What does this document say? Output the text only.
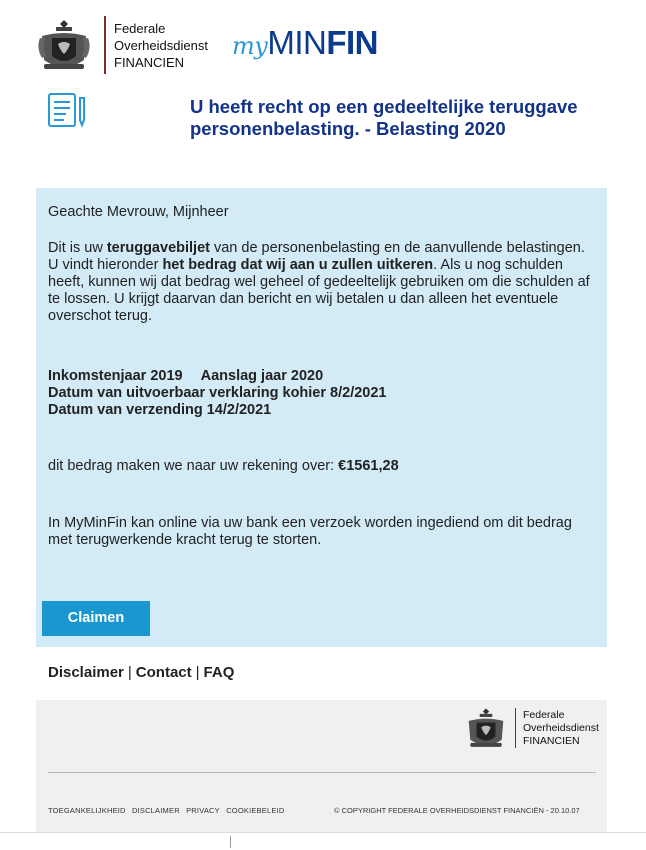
Federale
Overheidsdienst
FINANCIEN
myMINFIN
U heeft recht op een gedeeltelijke teruggave personenbelasting. - Belasting 2020
Geachte Mevrouw, Mijnheer
Dit is uw teruggavebiljet van de personenbelasting en de aanvullende belastingen. U vindt hieronder het bedrag dat wij aan u zullen uitkeren. Als u nog schulden heeft, kunnen wij dat bedrag wel geheel of gedeeltelijk gebruiken om die schulden af te lossen. U krijgt daarvan dan bericht en wij betalen u dan alleen het eventuele overschot terug.
Inkomstenjaar 2019 Aanslag jaar 2020
Datum van uitvoerbaar verklaring kohier 8/2/2021
Datum van verzending 14/2/2021
dit bedrag maken we naar uw rekening over: €1561,28
In MyMinFin kan online via uw bank een verzoek worden ingediend om dit bedrag met terugwerkende kracht terug te storten.
Claimen
Disclaimer | Contact | FAQ
Federale
Overheidsdienst
FINANCIEN
TOEGANKELIJKHEID DISCLAIMER PRIVACY COOKIEBELEID	© COPYRIGHT FEDERALE OVERHEIDSDIENST FINANCIËN - 20.10.07
